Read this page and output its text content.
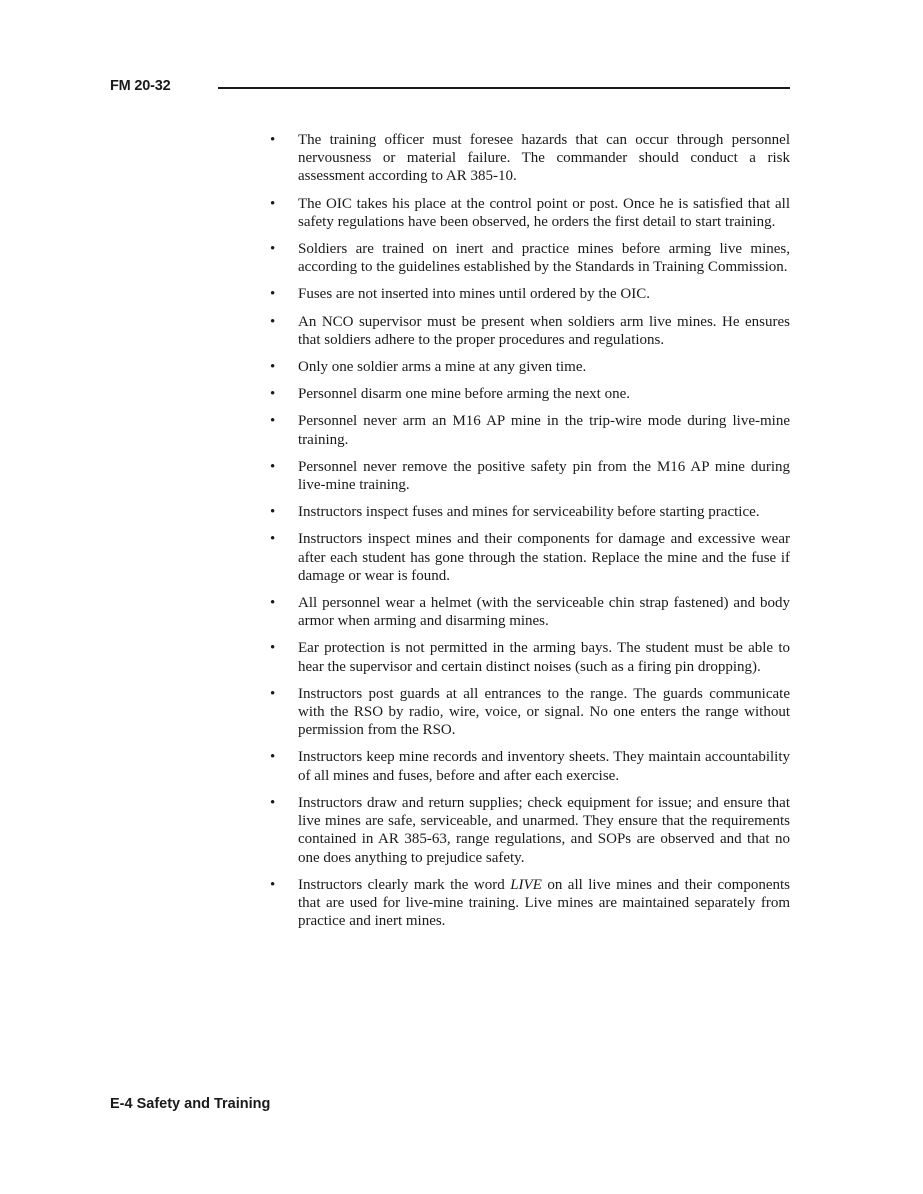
FM 20-32
• The training officer must foresee hazards that can occur through personnel nervousness or material failure. The commander should conduct a risk assessment according to AR 385-10.
• The OIC takes his place at the control point or post. Once he is satisfied that all safety regulations have been observed, he orders the first detail to start training.
• Soldiers are trained on inert and practice mines before arming live mines, according to the guidelines established by the Standards in Training Commission.
• Fuses are not inserted into mines until ordered by the OIC.
• An NCO supervisor must be present when soldiers arm live mines. He ensures that soldiers adhere to the proper procedures and regulations.
• Only one soldier arms a mine at any given time.
• Personnel disarm one mine before arming the next one.
• Personnel never arm an M16 AP mine in the trip-wire mode during live-mine training.
• Personnel never remove the positive safety pin from the M16 AP mine during live-mine training.
• Instructors inspect fuses and mines for serviceability before starting practice.
• Instructors inspect mines and their components for damage and excessive wear after each student has gone through the station. Replace the mine and the fuse if damage or wear is found.
• All personnel wear a helmet (with the serviceable chin strap fastened) and body armor when arming and disarming mines.
• Ear protection is not permitted in the arming bays. The student must be able to hear the supervisor and certain distinct noises (such as a firing pin dropping).
• Instructors post guards at all entrances to the range. The guards communicate with the RSO by radio, wire, voice, or signal. No one enters the range without permission from the RSO.
• Instructors keep mine records and inventory sheets. They maintain accountability of all mines and fuses, before and after each exercise.
• Instructors draw and return supplies; check equipment for issue; and ensure that live mines are safe, serviceable, and unarmed. They ensure that the requirements contained in AR 385-63, range regulations, and SOPs are observed and that no one does anything to prejudice safety.
• Instructors clearly mark the word LIVE on all live mines and their components that are used for live-mine training. Live mines are maintained separately from practice and inert mines.
E-4 Safety and Training
